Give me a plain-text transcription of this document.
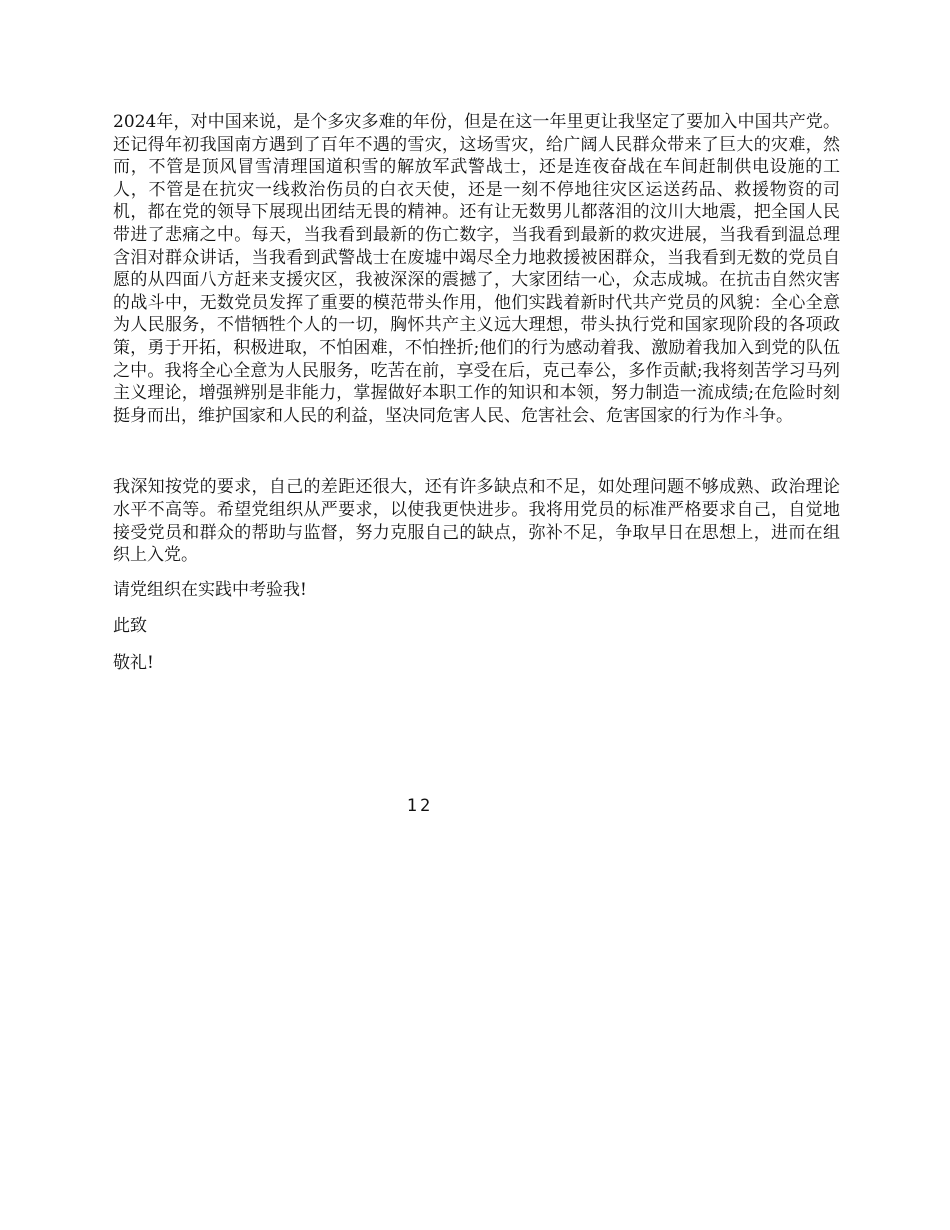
2024年，对中国来说，是个多灾多难的年份，但是在这一年里更让我坚定了要加入中国共产党。还记得年初我国南方遇到了百年不遇的雪灾，这场雪灾，给广阔人民群众带来了巨大的灾难，然而，不管是顶风冒雪清理国道积雪的解放军武警战士，还是连夜奋战在车间赶制供电设施的工人，不管是在抗灾一线救治伤员的白衣天使，还是一刻不停地往灾区运送药品、救援物资的司机，都在党的领导下展现出团结无畏的精神。还有让无数男儿都落泪的汶川大地震，把全国人民带进了悲痛之中。每天，当我看到最新的伤亡数字，当我看到最新的救灾进展，当我看到温总理含泪对群众讲话，当我看到武警战士在废墟中竭尽全力地救援被困群众，当我看到无数的党员自愿的从四面八方赶来支援灾区，我被深深的震撼了，大家团结一心，众志成城。在抗击自然灾害的战斗中，无数党员发挥了重要的模范带头作用，他们实践着新时代共产党员的风貌：全心全意为人民服务，不惜牺牲个人的一切，胸怀共产主义远大理想，带头执行党和国家现阶段的各项政策，勇于开拓，积极进取，不怕困难，不怕挫折;他们的行为感动着我、激励着我加入到党的队伍之中。我将全心全意为人民服务，吃苦在前，享受在后，克己奉公，多作贡献;我将刻苦学习马列主义理论，增强辨别是非能力，掌握做好本职工作的知识和本领，努力制造一流成绩;在危险时刻挺身而出，维护国家和人民的利益，坚决同危害人民、危害社会、危害国家的行为作斗争。

我深知按党的要求，自己的差距还很大，还有许多缺点和不足，如处理问题不够成熟、政治理论水平不高等。希望党组织从严要求，以使我更快进步。我将用党员的标准严格要求自己，自觉地接受党员和群众的帮助与监督，努力克服自己的缺点，弥补不足，争取早日在思想上，进而在组织上入党。

请党组织在实践中考验我!

此致

敬礼!

12
